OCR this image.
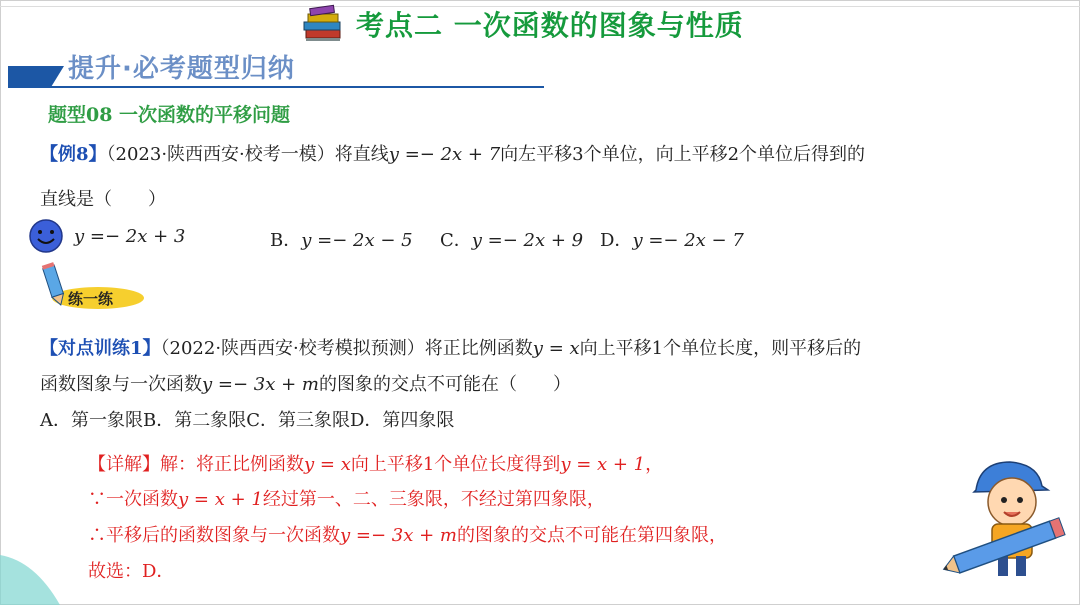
考点二 一次函数的图象与性质
提升·必考题型归纳
题型08 一次函数的平移问题
【例8】（2023·陕西西安·校考一模）将直线y =− 2x + 7向左平移3个单位，向上平移2个单位后得到的
直线是（　　）
y =− 2x + 3	B．y =− 2x − 5 C．y =− 2x + 9 D．y =− 2x − 7
练一练
【对点训练1】（2022·陕西西安·校考模拟预测）将正比例函数y = x向上平移1个单位长度，则平移后的
函数图象与一次函数y =− 3x + m的图象的交点不可能在（　　）
A．第一象限B．第二象限C．第三象限D．第四象限
【详解】解：将正比例函数y = x向上平移1个单位长度得到y = x + 1，
∵一次函数y = x + 1经过第一、二、三象限，不经过第四象限，
∴平移后的函数图象与一次函数y =− 3x + m的图象的交点不可能在第四象限，
故选：D．
